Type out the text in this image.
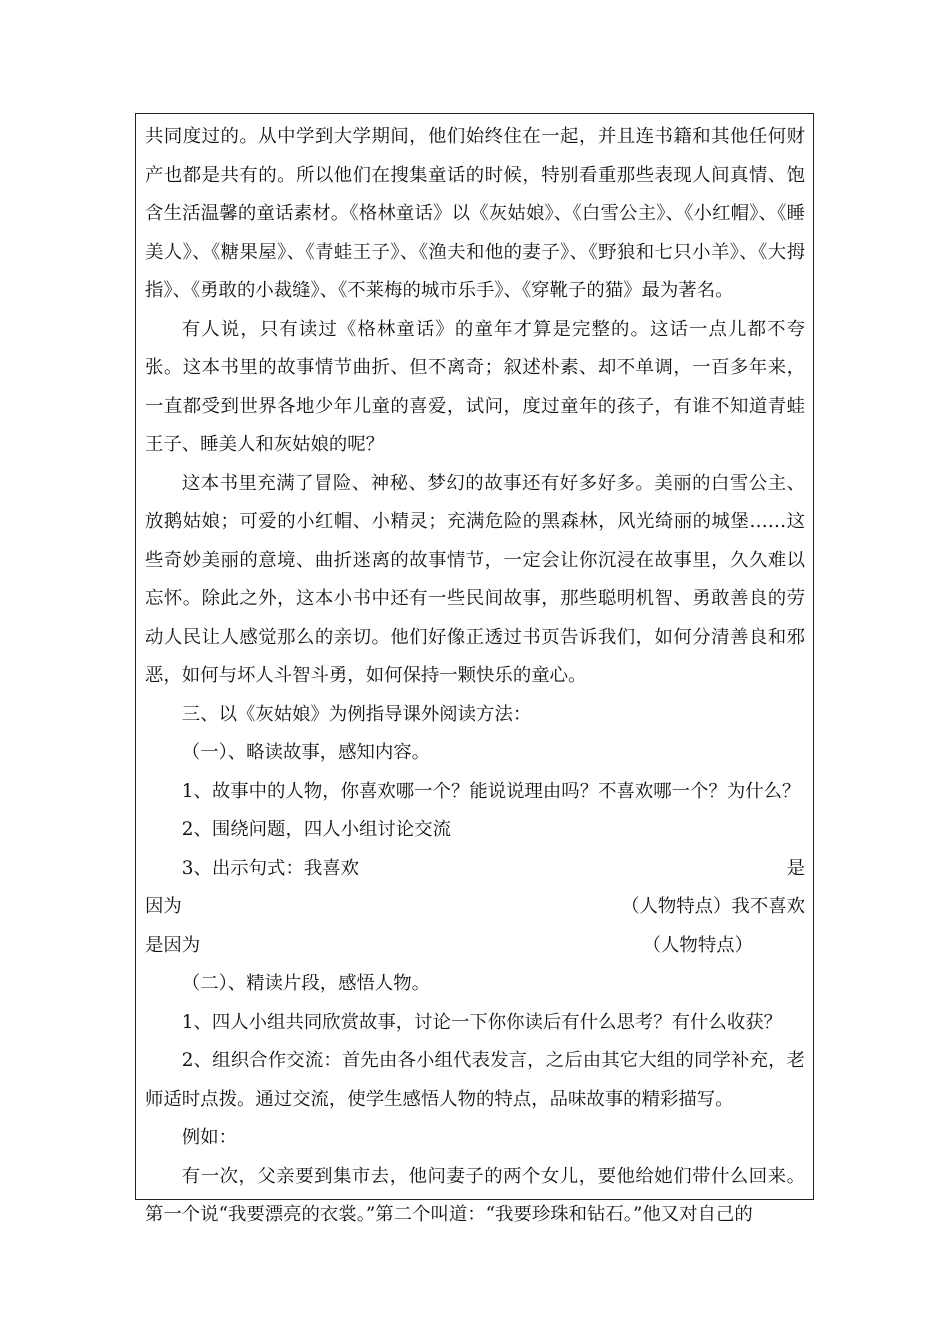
共同度过的。从中学到大学期间，他们始终住在一起，并且连书籍和其他任何财产也都是共有的。所以他们在搜集童话的时候，特别看重那些表现人间真情、饱含生活温馨的童话素材。《格林童话》以《灰姑娘》、《白雪公主》、《小红帽》、《睡美人》、《糖果屋》、《青蛙王子》、《渔夫和他的妻子》、《野狼和七只小羊》、《大拇指》、《勇敢的小裁缝》、《不莱梅的城市乐手》、《穿靴子的猫》最为著名。

有人说，只有读过《格林童话》的童年才算是完整的。这话一点儿都不夸张。这本书里的故事情节曲折、但不离奇；叙述朴素、却不单调，一百多年来，一直都受到世界各地少年儿童的喜爱，试问，度过童年的孩子，有谁不知道青蛙王子、睡美人和灰姑娘的呢？

这本书里充满了冒险、神秘、梦幻的故事还有好多好多。美丽的白雪公主、放鹅姑娘；可爱的小红帽、小精灵；充满危险的黑森林，风光绮丽的城堡……这些奇妙美丽的意境、曲折迷离的故事情节，一定会让你沉浸在故事里，久久难以忘怀。除此之外，这本小书中还有一些民间故事，那些聪明机智、勇敢善良的劳动人民让人感觉那么的亲切。他们好像正透过书页告诉我们，如何分清善良和邪恶，如何与坏人斗智斗勇，如何保持一颗快乐的童心。

三、以《灰姑娘》为例指导课外阅读方法：

（一）、略读故事，感知内容。

1、故事中的人物，你喜欢哪一个？能说说理由吗？不喜欢哪一个？为什么？

2、围绕问题，四人小组讨论交流

3、出示句式：我喜欢	是
因为	（人物特点）我不喜欢
是因为	（人物特点）

（二）、精读片段，感悟人物。

1、四人小组共同欣赏故事，讨论一下你你读后有什么思考？有什么收获？

2、组织合作交流：首先由各小组代表发言，之后由其它大组的同学补充，老师适时点拨。通过交流，使学生感悟人物的特点，品味故事的精彩描写。

例如：

有一次，父亲要到集市去，他问妻子的两个女儿，要他给她们带什么回来。第一个说“我要漂亮的衣裳。”第二个叫道：“我要珍珠和钻石。”他又对自己的
